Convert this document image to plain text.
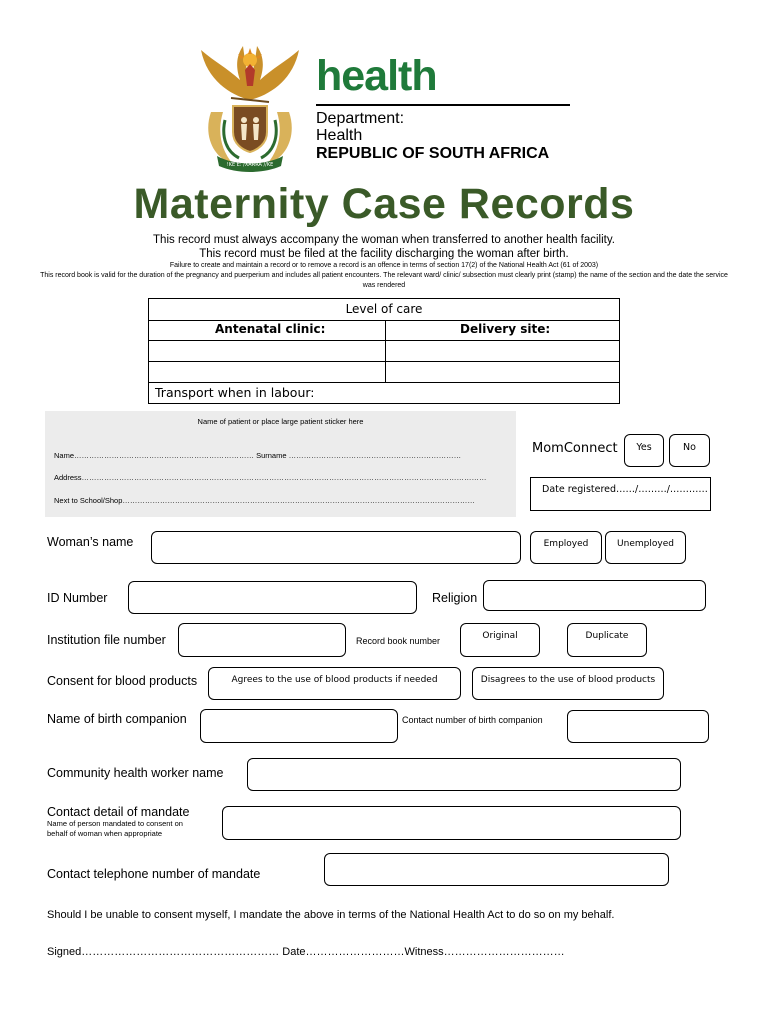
!KE E: /XARRA //KE
health
Department:
Health
REPUBLIC OF SOUTH AFRICA
Maternity Case Records
This record must always accompany the woman when transferred to another health facility.
This record must be filed at the facility discharging the woman after birth.
Failure to create and maintain a record or to remove a record is an offence in terms of section 17(2) of the National Health Act (61 of 2003)
This record book is valid for the duration of the pregnancy and puerperium and includes all patient encounters. The relevant ward/ clinic/ subsection must clearly print (stamp) the name of the section and the date the service was rendered
Level of care
Antenatal clinic:	Delivery site:
Transport when in labour:
Name of patient or place large patient sticker here
Name……………………………………………………………… Surname ……………………………………………………………
Address………………………………………………………………………………………………………………………………………………
Next to School/Shop……………………………………………………………………………………………………………………………
MomConnect	Yes	No
Date registered……/………/…………
Woman’s name	Employed	Unemployed
ID Number	Religion
Institution file number	Record book number	Original	Duplicate
Consent for blood products	Agrees to the use of blood products if needed	Disagrees to the use of blood products
Name of birth companion	Contact number of birth companion
Community health worker name
Contact detail of mandate
Name of person mandated to consent on
behalf of woman when appropriate
Contact telephone number of mandate
Should I be unable to consent myself, I mandate the above in terms of the National Health Act to do so on my behalf.
Signed……………………………………………… Date………………………Witness……………………………
